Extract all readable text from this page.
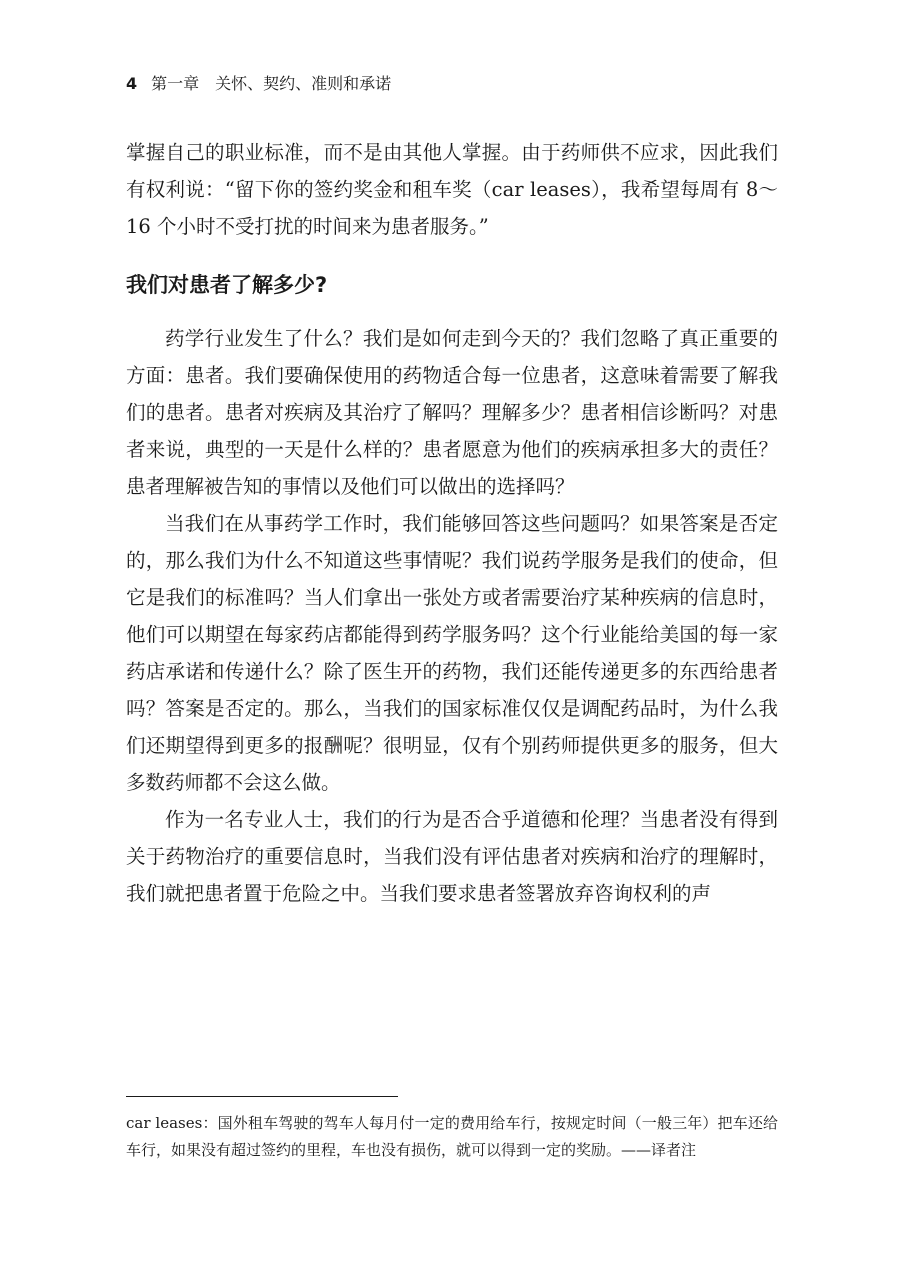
4 第一章　关怀、契约、准则和承诺

掌握自己的职业标准，而不是由其他人掌握。由于药师供不应求，因此我们有权利说：“留下你的签约奖金和租车奖（car leases），我希望每周有 8～16 个小时不受打扰的时间来为患者服务。”

我们对患者了解多少?

药学行业发生了什么？我们是如何走到今天的？我们忽略了真正重要的方面：患者。我们要确保使用的药物适合每一位患者，这意味着需要了解我们的患者。患者对疾病及其治疗了解吗？理解多少？患者相信诊断吗？对患者来说，典型的一天是什么样的？患者愿意为他们的疾病承担多大的责任？患者理解被告知的事情以及他们可以做出的选择吗？

当我们在从事药学工作时，我们能够回答这些问题吗？如果答案是否定的，那么我们为什么不知道这些事情呢？我们说药学服务是我们的使命，但它是我们的标准吗？当人们拿出一张处方或者需要治疗某种疾病的信息时，他们可以期望在每家药店都能得到药学服务吗？这个行业能给美国的每一家药店承诺和传递什么？除了医生开的药物，我们还能传递更多的东西给患者吗？答案是否定的。那么，当我们的国家标准仅仅是调配药品时，为什么我们还期望得到更多的报酬呢？很明显，仅有个别药师提供更多的服务，但大多数药师都不会这么做。

作为一名专业人士，我们的行为是否合乎道德和伦理？当患者没有得到关于药物治疗的重要信息时，当我们没有评估患者对疾病和治疗的理解时，我们就把患者置于危险之中。当我们要求患者签署放弃咨询权利的声

car leases：国外租车驾驶的驾车人每月付一定的费用给车行，按规定时间（一般三年）把车还给车行，如果没有超过签约的里程，车也没有损伤，就可以得到一定的奖励。——译者注
